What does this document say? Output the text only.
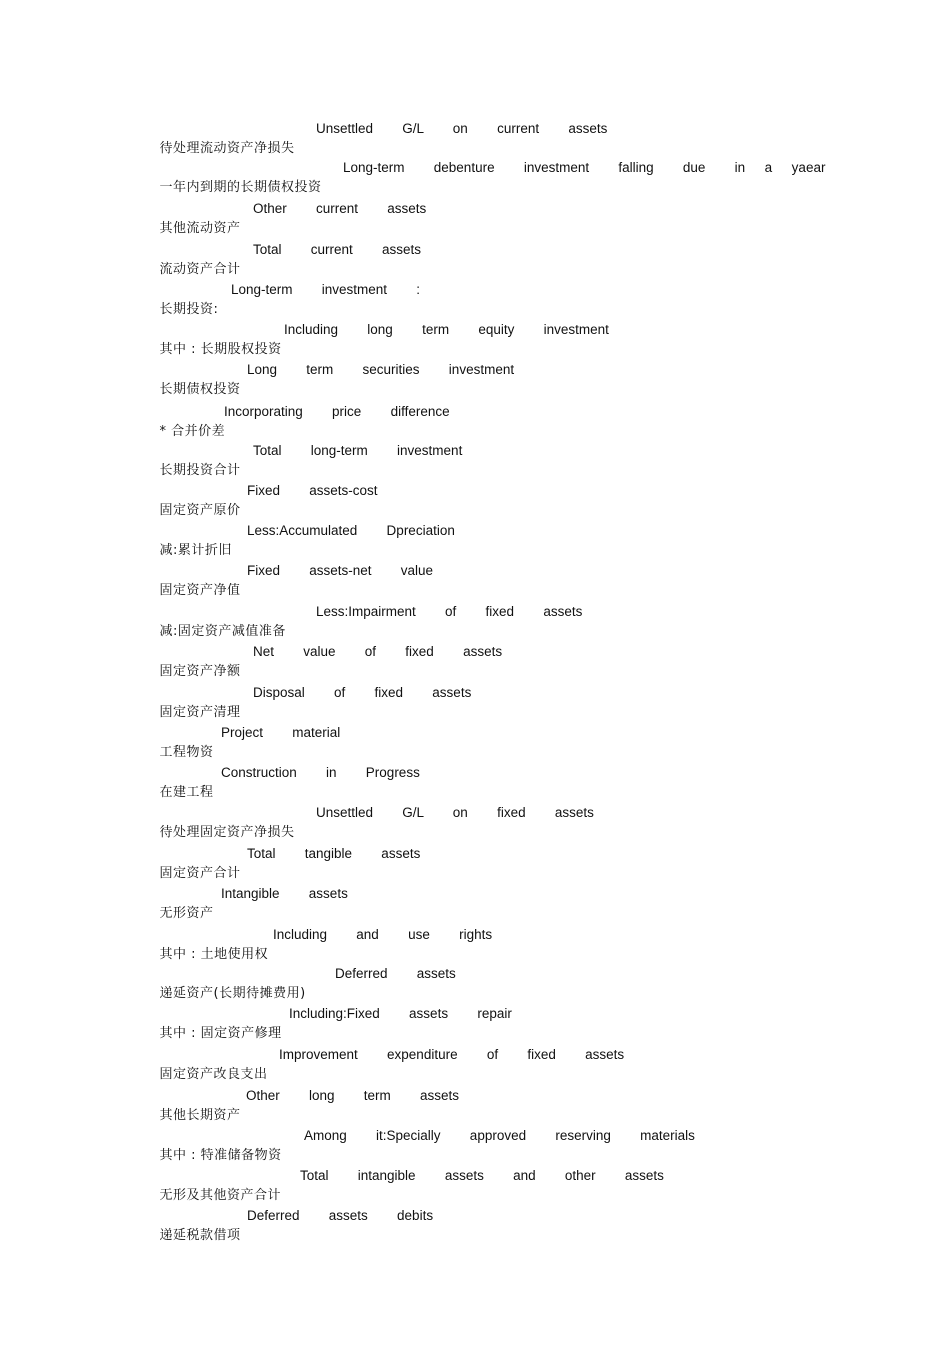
待处理流动资产净损失

Unsettled   G/L   on   current   assets

一年内到期的长期债权投资

Long-term   debenture   investment   falling   due   in  a  yaear

其他流动资产

Other   current   assets

流动资产合计

Total   current   assets

长期投资:

Long-term   investment   :

其中 : 长期股权投资

Including   long   term   equity   investment

长期债权投资

Long   term   securities   investment

* 合并价差

Incorporating   price   difference

长期投资合计

Total   long-term   investment

固定资产原价

Fixed   assets-cost

减:累计折旧

Less:Accumulated   Dpreciation

固定资产净值

Fixed   assets-net   value

减:固定资产减值准备

Less:Impairment   of   fixed   assets

固定资产净额

Net   value   of   fixed   assets

固定资产清理

Disposal   of   fixed   assets

工程物资

Project   material

在建工程

Construction   in   Progress

待处理固定资产净损失

Unsettled   G/L   on   fixed   assets

固定资产合计

Total   tangible   assets

无形资产

Intangible   assets

其中 : 土地使用权

Including   and   use   rights

递延资产(长期待摊费用)

Deferred   assets

其中 : 固定资产修理

Including:Fixed   assets   repair

固定资产改良支出

Improvement   expenditure   of   fixed   assets

其他长期资产

Other   long   term   assets

其中 : 特准储备物资

Among   it:Specially   approved   reserving   materials

无形及其他资产合计

Total   intangible   assets   and   other   assets

递延税款借项

Deferred   assets   debits
